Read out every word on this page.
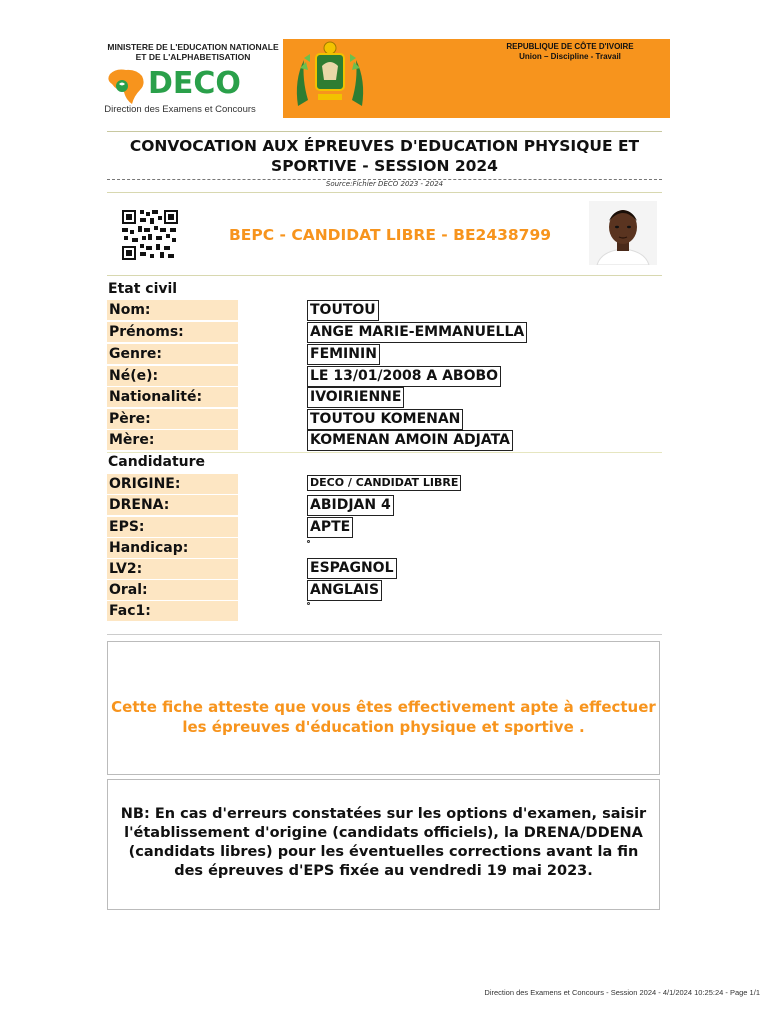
REPUBLIQUE DE CÔTE D'IVOIRE
Union – Discipline - Travail
MINISTERE DE L'EDUCATION NATIONALE
ET DE L'ALPHABETISATION
DECO
Direction des Examens et Concours
CONVOCATION AUX ÉPREUVES D'EDUCATION PHYSIQUE ET
SPORTIVE - SESSION 2024
Source:Fichier DECO 2023 - 2024
BEPC - CANDIDAT LIBRE - BE2438799
Etat civil
Nom:	TOUTOU
Prénoms:	ANGE MARIE-EMMANUELLA
Genre:	FEMININ
Né(e):	LE 13/01/2008 A ABOBO
Nationalité:	IVOIRIENNE
Père:	TOUTOU KOMENAN
Mère:	KOMENAN AMOIN ADJATA
Candidature
ORIGINE:	DECO / CANDIDAT LIBRE
DRENA:	ABIDJAN 4
EPS:	APTE
Handicap:
LV2:	ESPAGNOL
Oral:	ANGLAIS
Fac1:
Cette fiche atteste que vous êtes effectivement apte à effectuer les épreuves d'éducation physique et sportive .
NB: En cas d'erreurs constatées sur les options d'examen, saisir l'établissement d'origine (candidats officiels), la DRENA/DDENA (candidats libres) pour les éventuelles corrections avant la fin des épreuves d'EPS fixée au vendredi 19 mai 2023.
Direction des Examens et Concours - Session 2024 - 4/1/2024 10:25:24 - Page 1/1
